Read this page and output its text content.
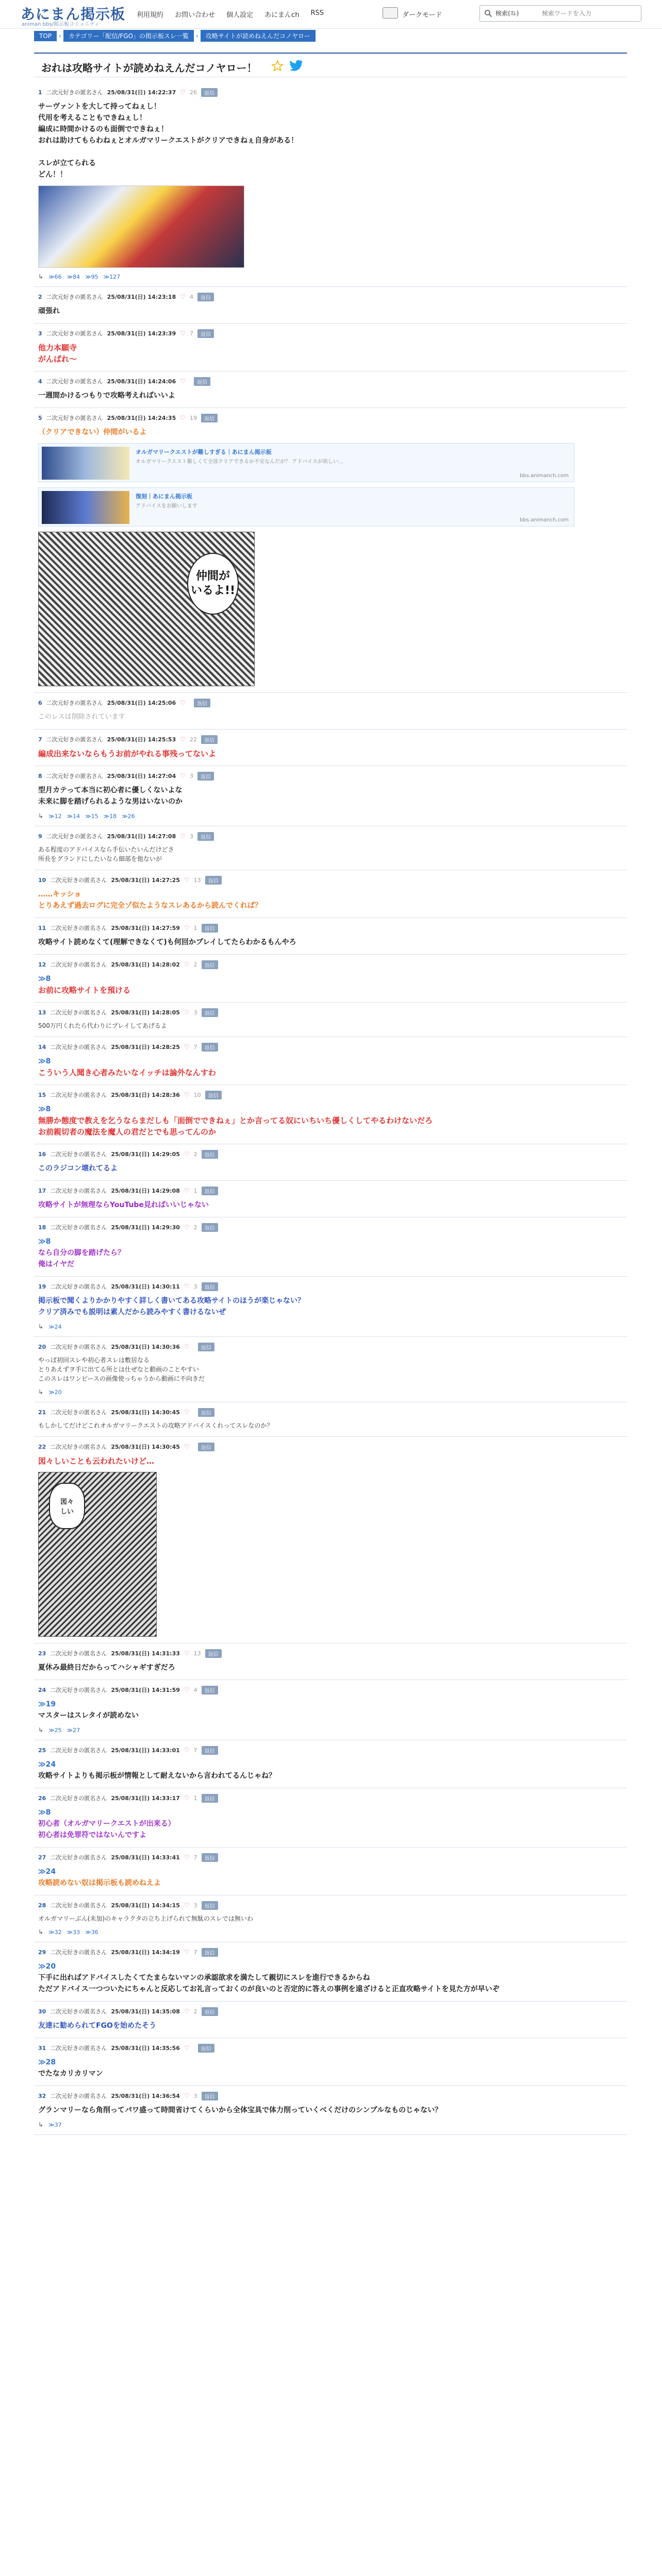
あにまん掲示板
animan bbs/掲示板コミュニティ
利用規約 お問い合わせ 個人設定 あにまんch RSS	ダークモード	検索(ｽﾚ)
検索ワードを入力
TOP	›	カテゴリー「配信/FGO」の掲示板スレ一覧	›	攻略サイトが読めねえんだコノヤロー
おれは攻略サイトが読めねえんだコノヤロー！
1 二次元好きの匿名さん 25/08/31(日) 14:22:37 ♡ 26	返信
サーヴァントを大して持ってねぇし！
代用を考えることもできねぇし！
編成に時間かけるのも面倒でできねぇ！
おれは助けてもらわねぇとオルガマリークエストがクリアできねぇ自身がある！

スレが立てられる
どん！！
↳ ≫66 ≫84 ≫95 ≫127
2 二次元好きの匿名さん 25/08/31(日) 14:23:18 ♡ 4	返信
頑張れ
3 二次元好きの匿名さん 25/08/31(日) 14:23:39 ♡ 7	返信
他力本願寺
がんばれ〜
4 二次元好きの匿名さん 25/08/31(日) 14:24:06 ♡	返信
一週間かけるつもりで攻略考えればいいよ
5 二次元好きの匿名さん 25/08/31(日) 14:24:35 ♡ 19	返信
（クリアできない）仲間がいるよ
オルガマリークエストが難しすぎる｜あにまん掲示板
オルガマリークエスト難しくて全部クリアできるか不安なんだが？ アドバイスが欲しい…
bbs.animanch.com
復刻｜あにまん掲示板
アドバイスをお願いします
bbs.animanch.com
仲間が
いるよ!!
6 二次元好きの匿名さん 25/08/31(日) 14:25:06 ♡	返信
このレスは削除されています
7 二次元好きの匿名さん 25/08/31(日) 14:25:53 ♡ 22	返信
編成出来ないならもうお前がやれる事残ってないよ
8 二次元好きの匿名さん 25/08/31(日) 14:27:04 ♡ 3	返信
型月カテって本当に初心者に優しくないよな
未来に脚を踏げられるような男はいないのか
↳ ≫12 ≫14 ≫15 ≫18 ≫26
9 二次元好きの匿名さん 25/08/31(日) 14:27:08 ♡ 3	返信
ある程度のアドバイスなら手伝いたいんだけどさ
所長をグランドにしたいなら細部を他ないが
10 二次元好きの匿名さん 25/08/31(日) 14:27:25 ♡ 13	返信
……キッショ
とりあえず過去ログに完全ゾ似たようなスレあるから読んでくれば？
11 二次元好きの匿名さん 25/08/31(日) 14:27:59 ♡ 1	返信
攻略サイト読めなくて(理解できなくて)も何回かプレイしてたらわかるもんやろ
12 二次元好きの匿名さん 25/08/31(日) 14:28:02 ♡ 2	返信
≫8
お前に攻略サイトを預ける
13 二次元好きの匿名さん 25/08/31(日) 14:28:05 ♡ 3	返信
500万円くれたら代わりにプレイしてあげるよ
14 二次元好きの匿名さん 25/08/31(日) 14:28:25 ♡ 7	返信
≫8
こういう人聞き心者みたいなイッチは論外なんすわ
15 二次元好きの匿名さん 25/08/31(日) 14:28:36 ♡ 10	返信
≫8
無勝か態度で教えを乞うならまだしも「面倒でできねぇ」とか言ってる奴にいちいち優しくしてやるわけないだろ
お前親切者の魔法を魔人の君だとでも思ってんのか
16 二次元好きの匿名さん 25/08/31(日) 14:29:05 ♡ 2	返信
このラジコン壊れてるよ
17 二次元好きの匿名さん 25/08/31(日) 14:29:08 ♡ 1	返信
攻略サイトが無理ならYouTube見ればいいじゃない
18 二次元好きの匿名さん 25/08/31(日) 14:29:30 ♡ 2	返信
≫8
なら自分の脚を踏げたら？
俺はイヤだ
19 二次元好きの匿名さん 25/08/31(日) 14:30:11 ♡ 3	返信
掲示板で聞くよりかかりやすく詳しく書いてある攻略サイトのほうが楽じゃない？
クリア済みでも説明は素人だから読みやすく書けるないぜ
↳ ≫24
20 二次元好きの匿名さん 25/08/31(日) 14:30:36 ♡	返信
やっぱ初回スレや初心者スレは敷居なる
とりあえずヲ手に出てる所とは仕ぜなと動画のことやすい
このスレはワンピースの画像使っちゃうから動画に不向きだ
↳ ≫20
21 二次元好きの匿名さん 25/08/31(日) 14:30:45 ♡	返信
もしかしてだけどこれオルガマリークエストの攻略アドバイスくれってスレなのか？
22 二次元好きの匿名さん 25/08/31(日) 14:30:45 ♡	返信
図々しいことも云われたいけど…
図々
しい
23 二次元好きの匿名さん 25/08/31(日) 14:31:33 ♡ 13	返信
夏休み最終日だからってハシャギすぎだろ
24 二次元好きの匿名さん 25/08/31(日) 14:31:59 ♡ 4	返信
≫19
マスターはスレタイが読めない
↳ ≫25 ≫27
25 二次元好きの匿名さん 25/08/31(日) 14:33:01 ♡ 7	返信
≫24
攻略サイトよりも掲示板が情報として耐えないから言われてるんじゃね？
26 二次元好きの匿名さん 25/08/31(日) 14:33:17 ♡ 1	返信
≫8
初心者（オルガマリークエストが出来る）
初心者は免罪符ではないんですよ
27 二次元好きの匿名さん 25/08/31(日) 14:33:41 ♡ 7	返信
≫24
攻略読めない奴は掲示板も読めねえよ
28 二次元好きの匿名さん 25/08/31(日) 14:34:15 ♡ 3	返信
オルガマリーぶん(未加)のキャラクタの立ち上げられて無駄のスレでは無いわ
↳ ≫32 ≫33 ≫36
29 二次元好きの匿名さん 25/08/31(日) 14:34:19 ♡ 7	返信
≫20
下手に出ればアドバイスしたくてたまらないマンの承認欲求を満たして親切にスレを進行できるからね
ただアドバイス一つついたにちゃんと反応してお礼言っておくのが良いのと否定的に答えの事例を遠ざけると正直攻略サイトを見た方が早いぞ
30 二次元好きの匿名さん 25/08/31(日) 14:35:08 ♡ 2	返信
友達に勧められてFGOを始めたそう
31 二次元好きの匿名さん 25/08/31(日) 14:35:56 ♡	返信
≫28
でたなカリカリマン
32 二次元好きの匿名さん 25/08/31(日) 14:36:54 ♡ 3	返信
グランマリーなら角削ってパワ盛って時間省けてくらいから全体宝具で体力削っていくべくだけのシンプルなものじゃない？
↳ ≫37
